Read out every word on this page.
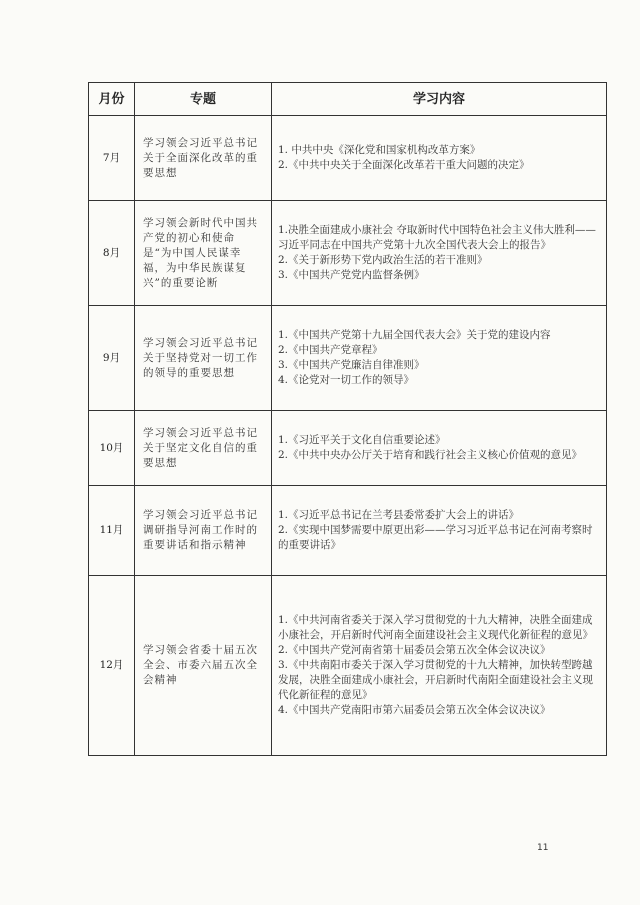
月份	专题	学习内容
7月	学习领会习近平总书记关于全面深化改革的重要思想	1. 中共中央《深化党和国家机构改革方案》
2.《中共中央关于全面深化改革若干重大问题的决定》

8月	学习领会新时代中国共产党的初心和使命是“为中国人民谋幸福，为中华民族谋复兴”的重要论断	1.决胜全面建成小康社会 夺取新时代中国特色社会主义伟大胜利——习近平同志在中国共产党第十九次全国代表大会上的报告》
2.《关于新形势下党内政治生活的若干准则》
3.《中国共产党党内监督条例》

9月	学习领会习近平总书记关于坚持党对一切工作的领导的重要思想	1.《中国共产党第十九届全国代表大会》关于党的建设内容
2.《中国共产党章程》
3.《中国共产党廉洁自律准则》
4.《论党对一切工作的领导》

10月	学习领会习近平总书记关于坚定文化自信的重要思想	1.《习近平关于文化自信重要论述》
2.《中共中央办公厅关于培育和践行社会主义核心价值观的意见》

11月	学习领会习近平总书记调研指导河南工作时的重要讲话和指示精神	1.《习近平总书记在兰考县委常委扩大会上的讲话》
2.《实现中国梦需要中原更出彩——学习习近平总书记在河南考察时的重要讲话》

12月	学习领会省委十届五次全会、市委六届五次全会精神	1.《中共河南省委关于深入学习贯彻党的十九大精神，决胜全面建成小康社会，开启新时代河南全面建设社会主义现代化新征程的意见》
2.《中国共产党河南省第十届委员会第五次全体会议决议》
3.《中共南阳市委关于深入学习贯彻党的十九大精神，加快转型跨越发展，决胜全面建成小康社会，开启新时代南阳全面建设社会主义现代化新征程的意见》
4.《中国共产党南阳市第六届委员会第五次全体会议决议》
11
